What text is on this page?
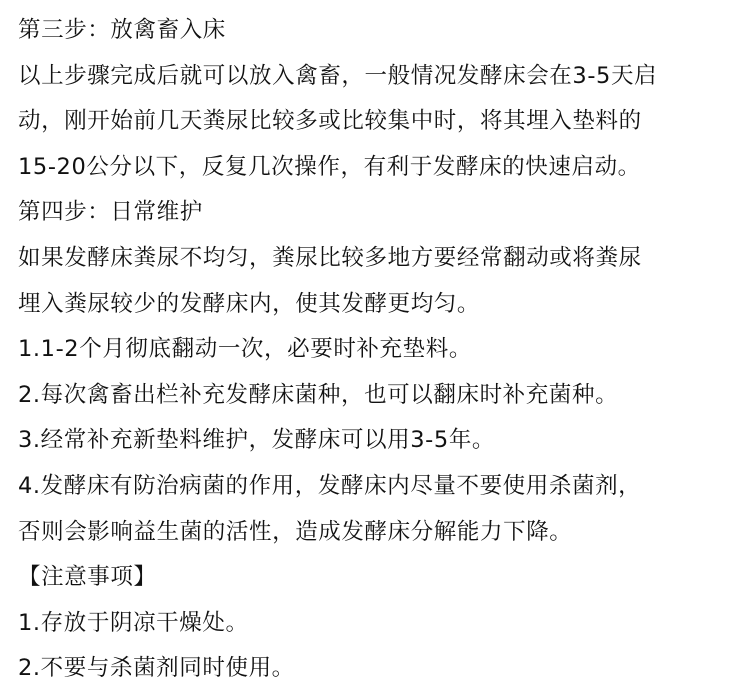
第三步：放禽畜入床
以上步骤完成后就可以放入禽畜，一般情况发酵床会在3-5天启
动，刚开始前几天粪尿比较多或比较集中时，将其埋入垫料的
15-20公分以下，反复几次操作，有利于发酵床的快速启动。
第四步：日常维护
如果发酵床粪尿不均匀，粪尿比较多地方要经常翻动或将粪尿
埋入粪尿较少的发酵床内，使其发酵更均匀。
1.1-2个月彻底翻动一次，必要时补充垫料。
2.每次禽畜出栏补充发酵床菌种，也可以翻床时补充菌种。
3.经常补充新垫料维护，发酵床可以用3-5年。
4.发酵床有防治病菌的作用，发酵床内尽量不要使用杀菌剂，
否则会影响益生菌的活性，造成发酵床分解能力下降。
【注意事项】
1.存放于阴凉干燥处。
2.不要与杀菌剂同时使用。
